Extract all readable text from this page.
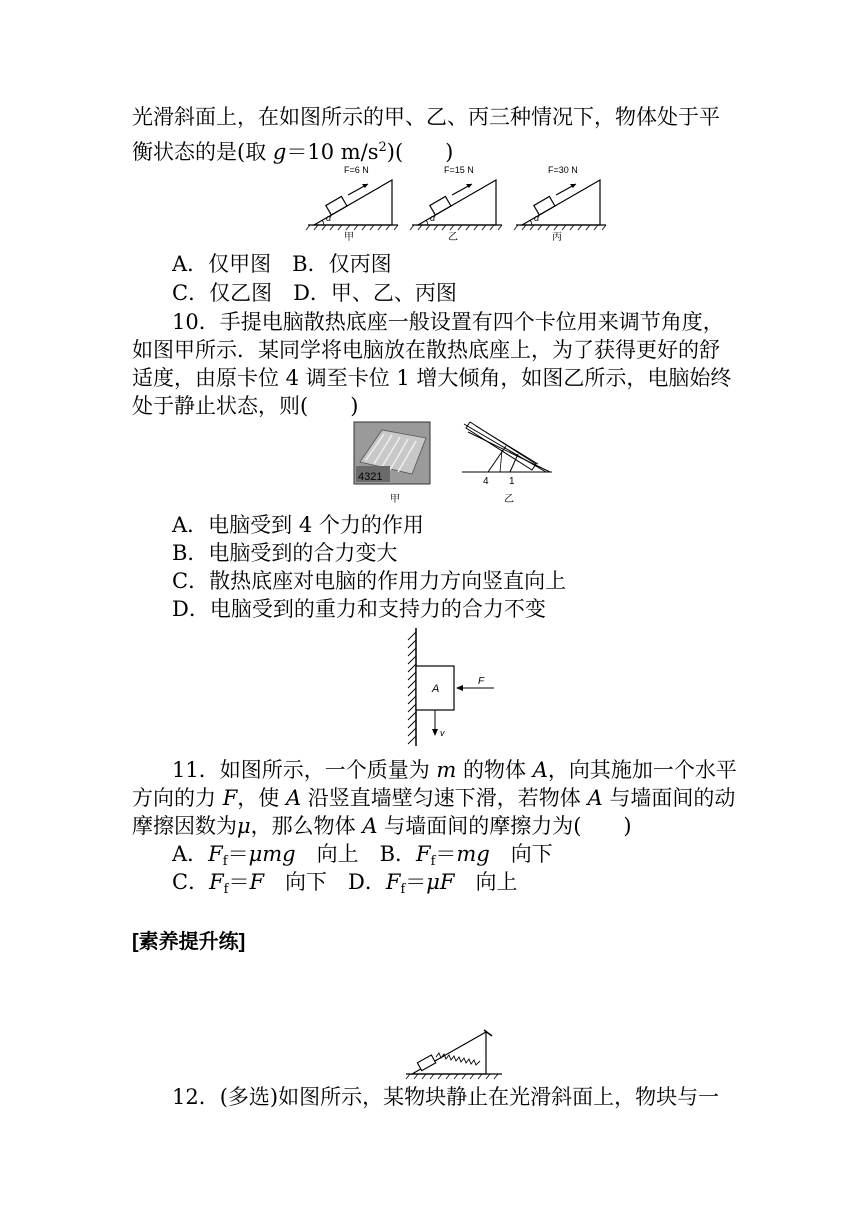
光滑斜面上，在如图所示的甲、乙、丙三种情况下，物体处于平
衡状态的是(取 g＝10 $m/s^2$)(　　)
α
F=6 N
甲
α
F=15 N
乙
α
F=30 N
丙
A．仅甲图　B．仅丙图
C．仅乙图　D．甲、乙、丙图
10．手提电脑散热底座一般设置有四个卡位用来调节角度，
如图甲所示．某同学将电脑放在散热底座上，为了获得更好的舒
适度，由原卡位 4 调至卡位 1 增大倾角，如图乙所示，电脑始终
处于静止状态，则(　　)
4321
甲
4 1
乙
A．电脑受到 4 个力的作用
B．电脑受到的合力变大
C．散热底座对电脑的作用力方向竖直向上
D．电脑受到的重力和支持力的合力不变
A
F
v
11．如图所示，一个质量为 m 的物体 A，向其施加一个水平
方向的力 F，使 A 沿竖直墙壁匀速下滑，若物体 A 与墙面间的动
摩擦因数为μ，那么物体 A 与墙面间的摩擦力为(　　)
A．$F_f=\mu mg$　向上　B．$F_f=mg$　向下
C．$F_f=F$　向下　D．$F_f=\mu F$　向上
[素养提升练]
12．(多选)如图所示，某物块静止在光滑斜面上，物块与一
